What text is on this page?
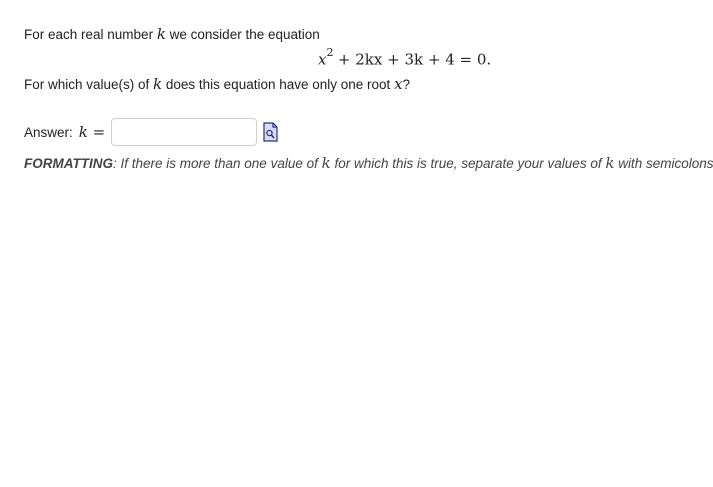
For each real number k we consider the equation
$x^2 + 2kx + 3k + 4 = 0$.
For which value(s) of k does this equation have only one root x?
Answer: k =
FORMATTING: If there is more than one value of k for which this is true, separate your values of k with semicolons
